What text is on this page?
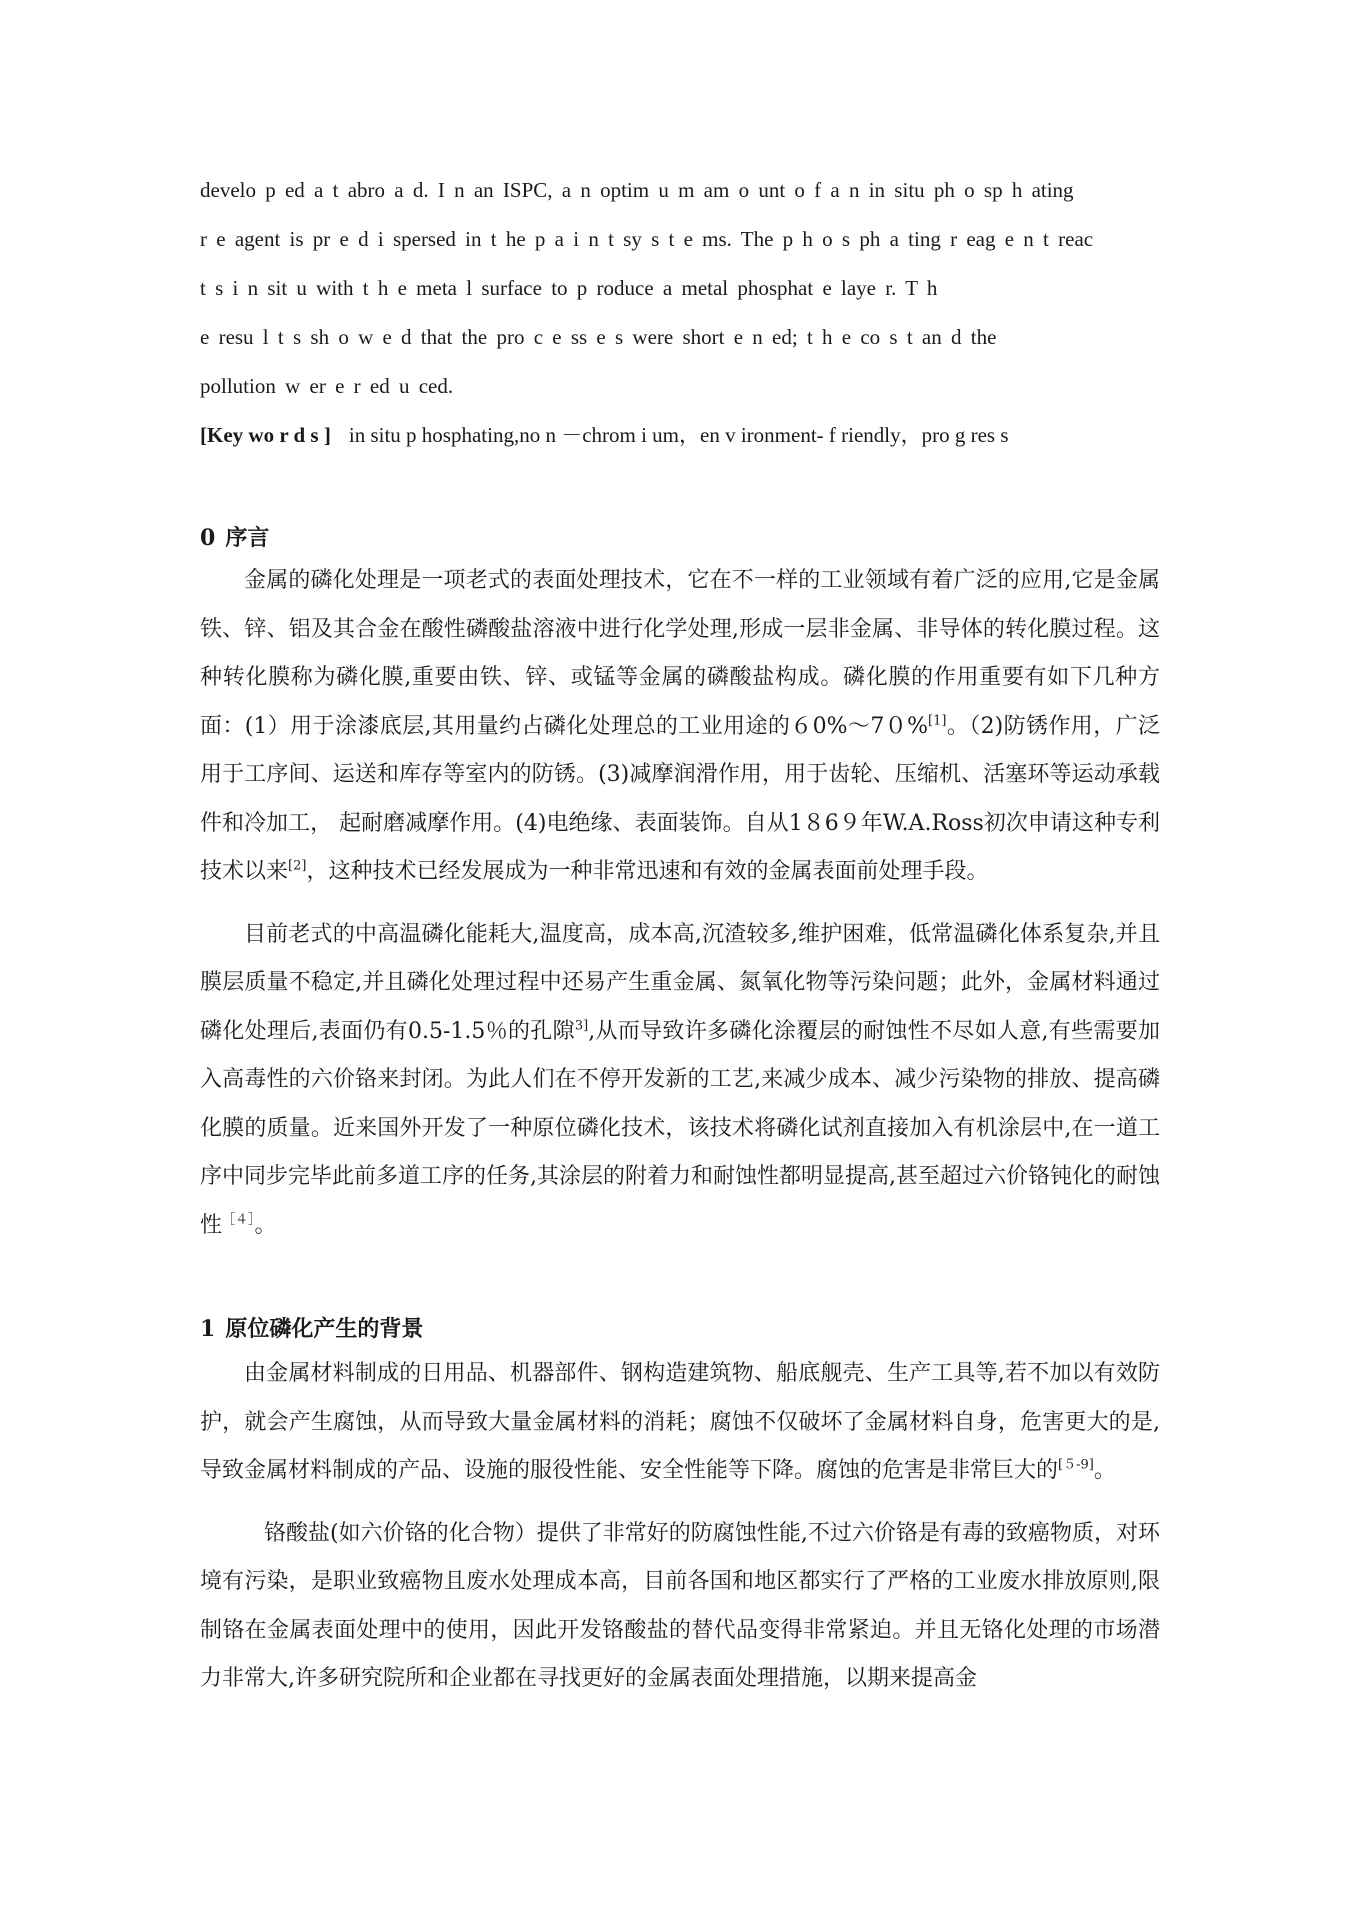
develo p ed a t abro a d. I n an ISPC, a n optim u m am o unt o f a n in situ ph o sp h ating

r e agent is pr e d i spersed in t he p a i n t sy s t e ms. The p h o s ph a ting r eag e n t reac

t s i n sit u with t h e meta l surface to p roduce a metal phosphat e laye r. T h

e resu l t s sh o w e d that the pro c e ss e s were short e n ed; t h e co s t an d the

pollution w er e r ed u ced.

[Key wo r d s ] in situ p hosphating,no n －chrom i um，en v ironment- f riendly，pro g res s
0 序言

金属的磷化处理是一项老式的表面处理技术，它在不一样的工业领域有着广泛的应用,它是金属铁、锌、铝及其合金在酸性磷酸盐溶液中进行化学处理,形成一层非金属、非导体的转化膜过程。这种转化膜称为磷化膜,重要由铁、锌、或锰等金属的磷酸盐构成。磷化膜的作用重要有如下几种方面：(1）用于涂漆底层,其用量约占磷化处理总的工业用途的６0%～7０%[1]。（2)防锈作用，广泛用于工序间、运送和库存等室内的防锈。(3)减摩润滑作用，用于齿轮、压缩机、活塞环等运动承载件和冷加工， 起耐磨减摩作用。(4)电绝缘、表面装饰。自从1８6９年W.A.Ross初次申请这种专利技术以来[2]，这种技术已经发展成为一种非常迅速和有效的金属表面前处理手段。

目前老式的中高温磷化能耗大,温度高，成本高,沉渣较多,维护困难，低常温磷化体系复杂,并且膜层质量不稳定,并且磷化处理过程中还易产生重金属、氮氧化物等污染问题；此外，金属材料通过磷化处理后,表面仍有0.5-1.5％的孔隙$^{3]}$,从而导致许多磷化涂覆层的耐蚀性不尽如人意,有些需要加入高毒性的六价铬来封闭。为此人们在不停开发新的工艺,来减少成本、减少污染物的排放、提高磷化膜的质量。近来国外开发了一种原位磷化技术，该技术将磷化试剂直接加入有机涂层中,在一道工序中同步完毕此前多道工序的任务,其涂层的附着力和耐蚀性都明显提高,甚至超过六价铬钝化的耐蚀性$^{[4]}$。

1 原位磷化产生的背景

由金属材料制成的日用品、机器部件、钢构造建筑物、船底舰壳、生产工具等,若不加以有效防护，就会产生腐蚀，从而导致大量金属材料的消耗；腐蚀不仅破坏了金属材料自身，危害更大的是,导致金属材料制成的产品、设施的服役性能、安全性能等下降。腐蚀的危害是非常巨大的[５-9]。

铬酸盐(如六价铬的化合物）提供了非常好的防腐蚀性能,不过六价铬是有毒的致癌物质，对环境有污染，是职业致癌物且废水处理成本高，目前各国和地区都实行了严格的工业废水排放原则,限制铬在金属表面处理中的使用，因此开发铬酸盐的替代品变得非常紧迫。并且无铬化处理的市场潜力非常大,许多研究院所和企业都在寻找更好的金属表面处理措施，以期来提高金
